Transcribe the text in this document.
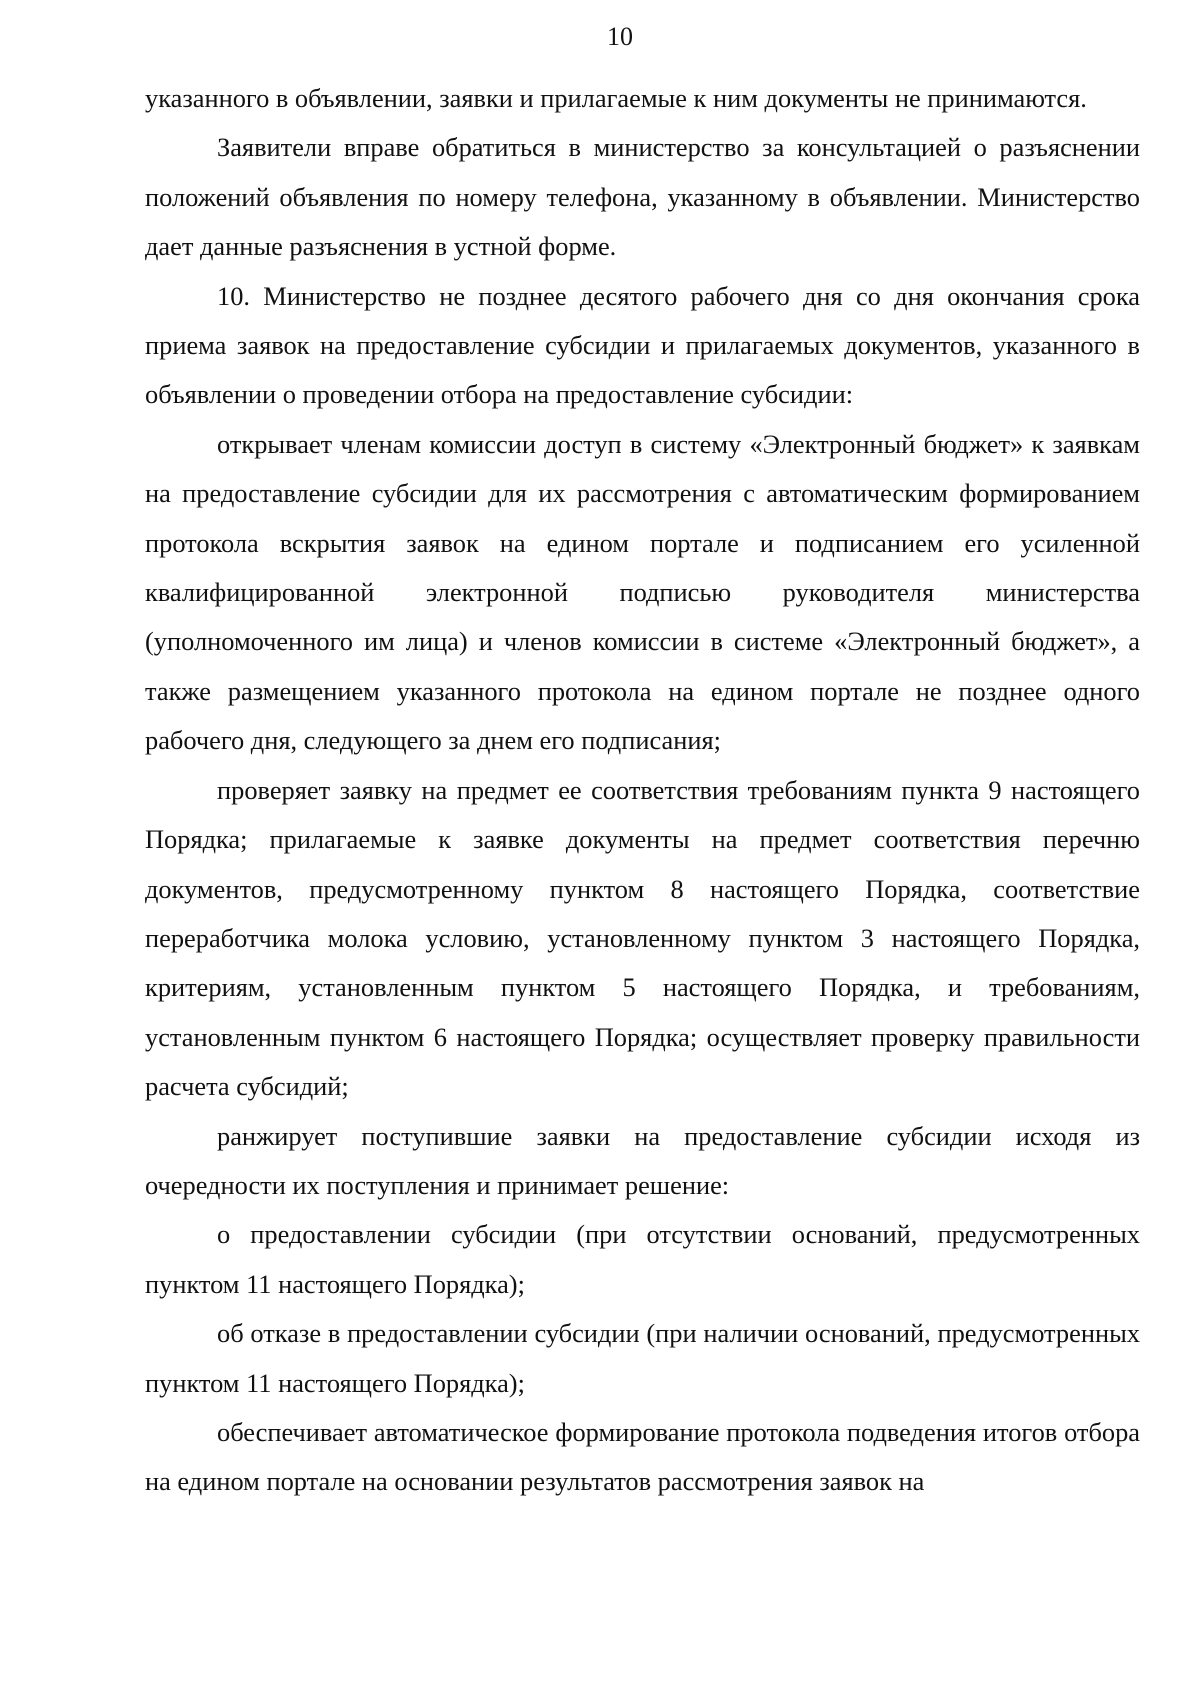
10

указанного в объявлении, заявки и прилагаемые к ним документы не принимаются.

Заявители вправе обратиться в министерство за консультацией о разъяснении положений объявления по номеру телефона, указанному в объявлении. Министерство дает данные разъяснения в устной форме.

10. Министерство не позднее десятого рабочего дня со дня окончания срока приема заявок на предоставление субсидии и прилагаемых документов, указанного в объявлении о проведении отбора на предоставление субсидии:

открывает членам комиссии доступ в систему «Электронный бюджет» к заявкам на предоставление субсидии для их рассмотрения с автоматическим формированием протокола вскрытия заявок на едином портале и подписанием его усиленной квалифицированной электронной подписью руководителя министерства (уполномоченного им лица) и членов комиссии в системе «Электронный бюджет», а также размещением указанного протокола на едином портале не позднее одного рабочего дня, следующего за днем его подписания;

проверяет заявку на предмет ее соответствия требованиям пункта 9 настоящего Порядка; прилагаемые к заявке документы на предмет соответствия перечню документов, предусмотренному пунктом 8 настоящего Порядка, соответствие переработчика молока условию, установленному пунктом 3 настоящего Порядка, критериям, установленным пунктом 5 настоящего Порядка, и требованиям, установленным пунктом 6 настоящего Порядка; осуществляет проверку правильности расчета субсидий;

ранжирует поступившие заявки на предоставление субсидии исходя из очередности их поступления и принимает решение:

о предоставлении субсидии (при отсутствии оснований, предусмотренных пунктом 11 настоящего Порядка);

об отказе в предоставлении субсидии (при наличии оснований, предусмотренных пунктом 11 настоящего Порядка);

обеспечивает автоматическое формирование протокола подведения итогов отбора на едином портале на основании результатов рассмотрения заявок на
